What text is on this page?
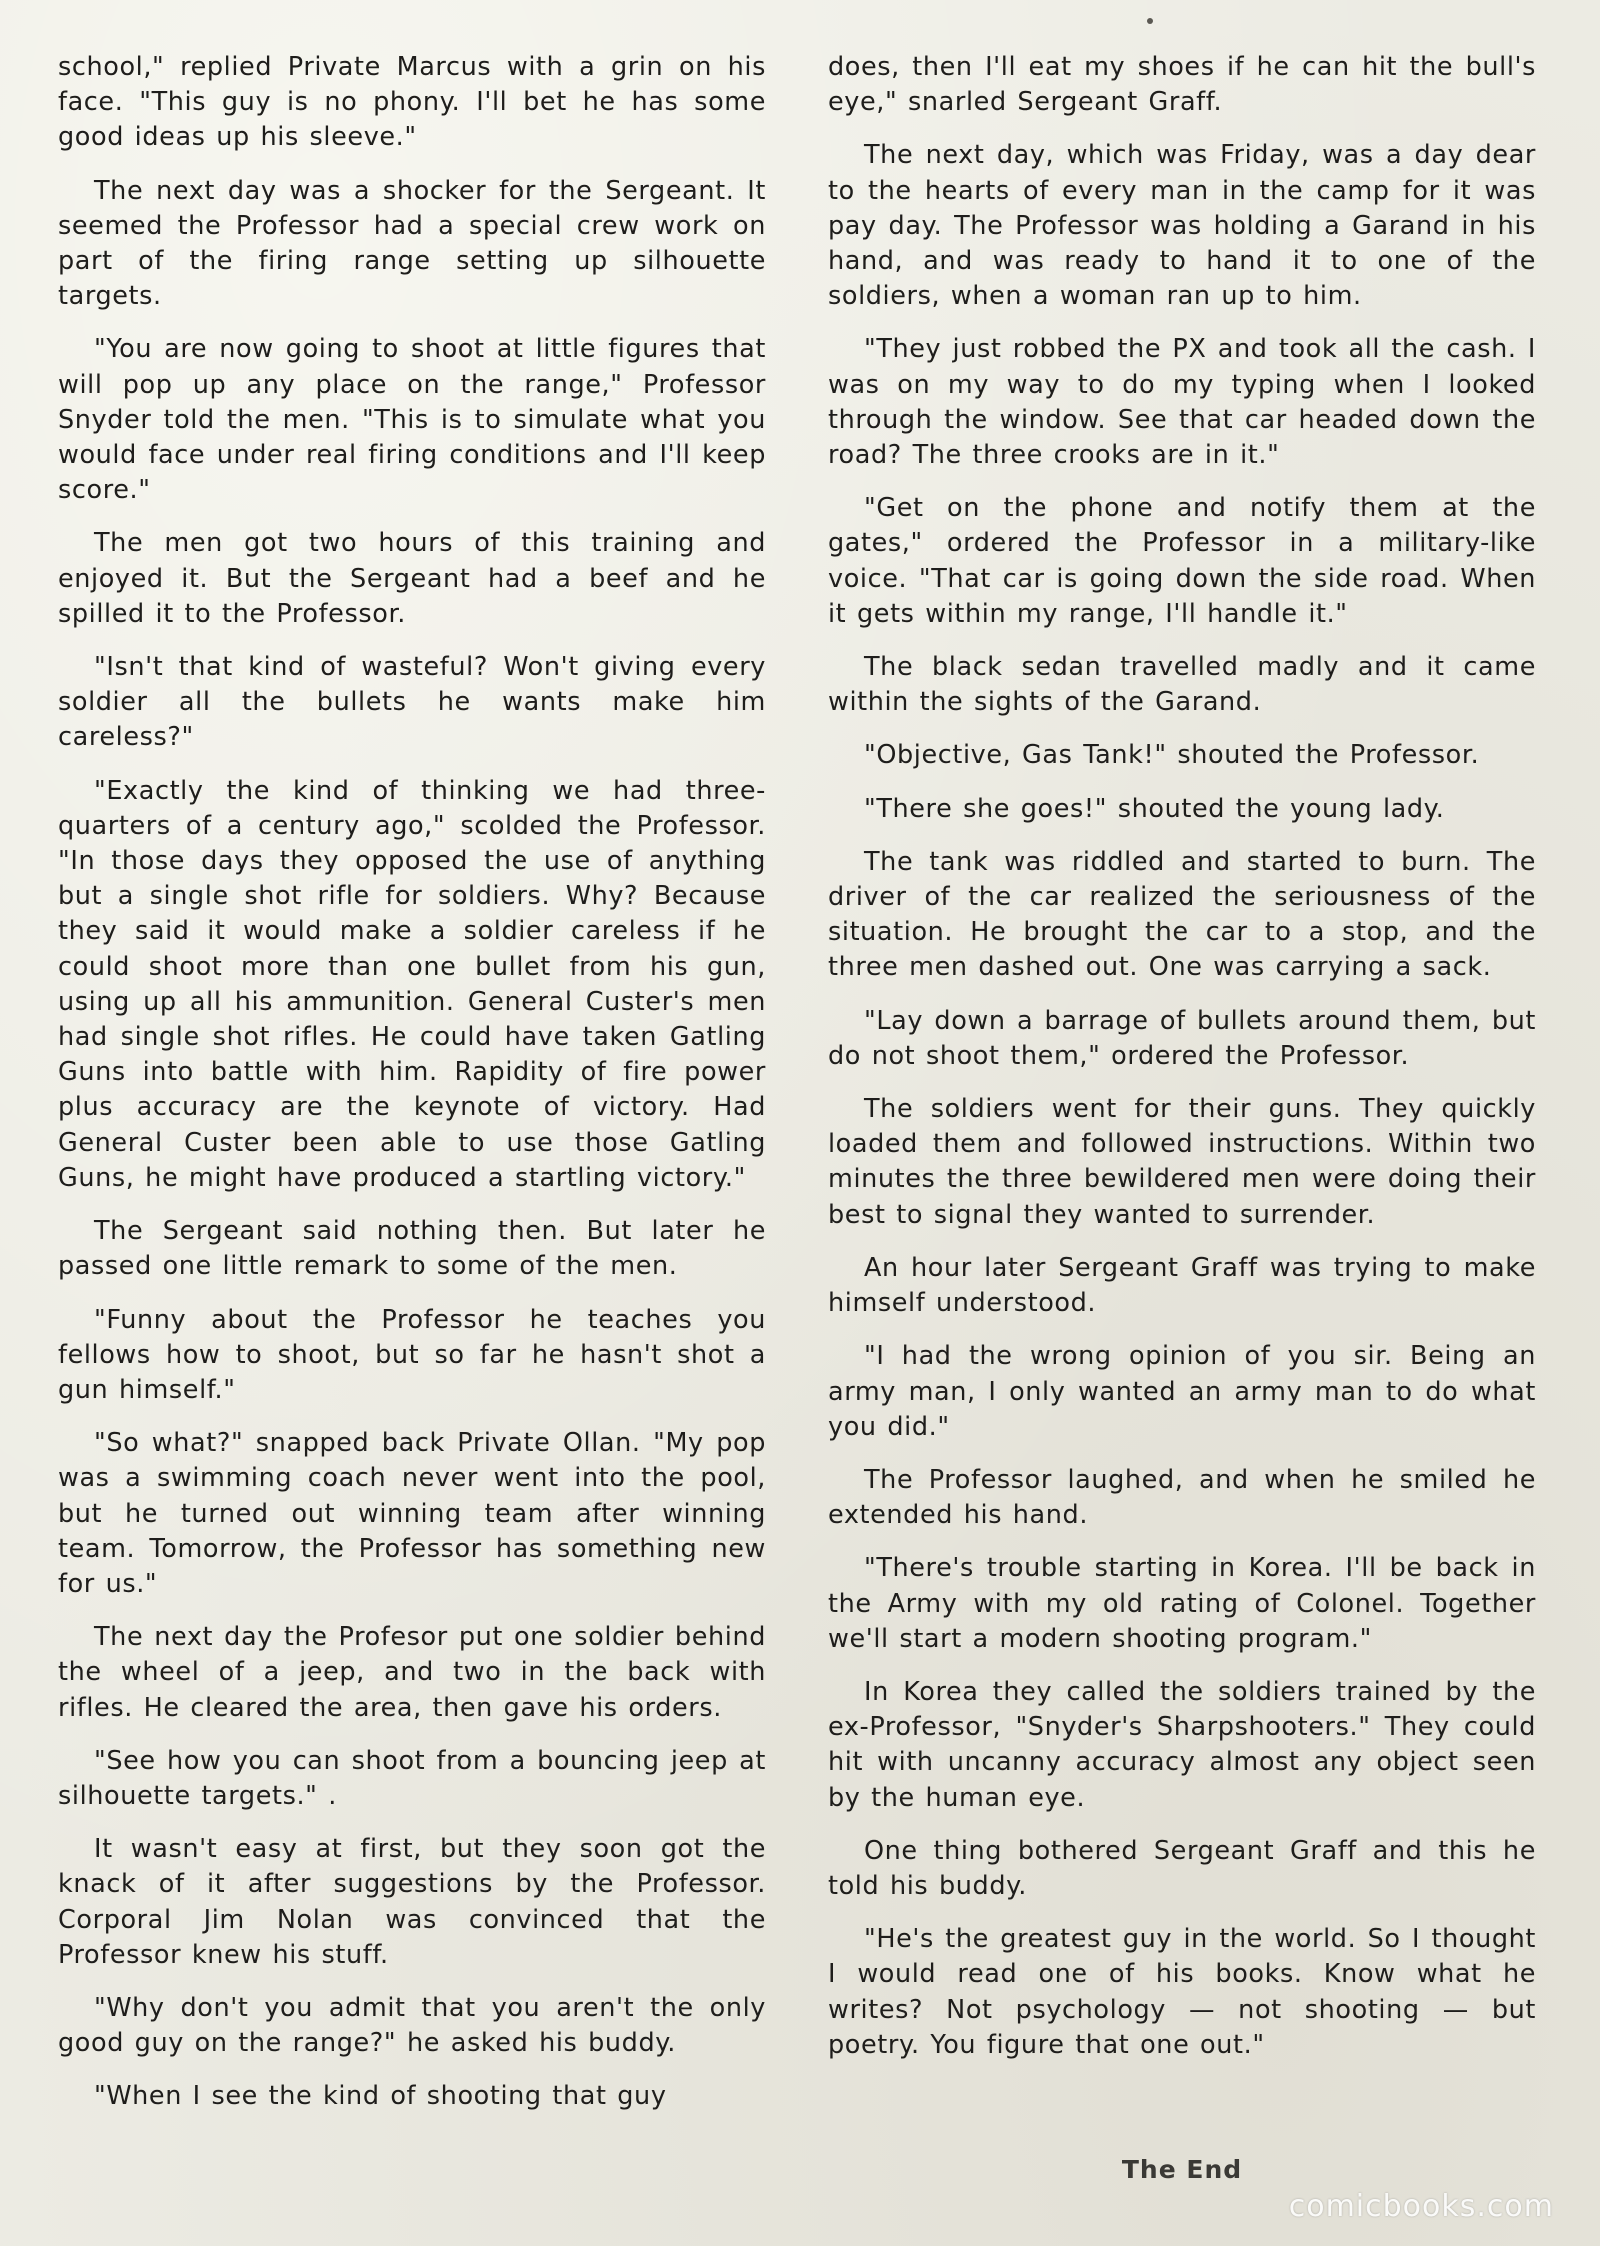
school," replied Private Marcus with a grin on his face. "This guy is no phony. I'll bet he has some good ideas up his sleeve."

The next day was a shocker for the Sergeant. It seemed the Professor had a special crew work on part of the firing range setting up silhouette targets.

"You are now going to shoot at little figures that will pop up any place on the range," Professor Snyder told the men. "This is to simulate what you would face under real firing conditions and I'll keep score."

The men got two hours of this training and enjoyed it. But the Sergeant had a beef and he spilled it to the Professor.

"Isn't that kind of wasteful? Won't giving every soldier all the bullets he wants make him careless?"

"Exactly the kind of thinking we had three-quarters of a century ago," scolded the Professor. "In those days they opposed the use of anything but a single shot rifle for soldiers. Why? Because they said it would make a soldier careless if he could shoot more than one bullet from his gun, using up all his ammunition. General Custer's men had single shot rifles. He could have taken Gatling Guns into battle with him. Rapidity of fire power plus accuracy are the keynote of victory. Had General Custer been able to use those Gatling Guns, he might have produced a startling victory."

The Sergeant said nothing then. But later he passed one little remark to some of the men.

"Funny about the Professor he teaches you fellows how to shoot, but so far he hasn't shot a gun himself."

"So what?" snapped back Private Ollan. "My pop was a swimming coach never went into the pool, but he turned out winning team after winning team. Tomorrow, the Professor has something new for us."

The next day the Profesor put one soldier behind the wheel of a jeep, and two in the back with rifles. He cleared the area, then gave his orders.

"See how you can shoot from a bouncing jeep at silhouette targets." .

It wasn't easy at first, but they soon got the knack of it after suggestions by the Professor. Corporal Jim Nolan was convinced that the Professor knew his stuff.

"Why don't you admit that you aren't the only good guy on the range?" he asked his buddy.

"When I see the kind of shooting that guy

does, then I'll eat my shoes if he can hit the bull's eye," snarled Sergeant Graff.

The next day, which was Friday, was a day dear to the hearts of every man in the camp for it was pay day. The Professor was holding a Garand in his hand, and was ready to hand it to one of the soldiers, when a woman ran up to him.

"They just robbed the PX and took all the cash. I was on my way to do my typing when I looked through the window. See that car headed down the road? The three crooks are in it."

"Get on the phone and notify them at the gates," ordered the Professor in a military-like voice. "That car is going down the side road. When it gets within my range, I'll handle it."

The black sedan travelled madly and it came within the sights of the Garand.

"Objective, Gas Tank!" shouted the Professor.

"There she goes!" shouted the young lady.

The tank was riddled and started to burn. The driver of the car realized the seriousness of the situation. He brought the car to a stop, and the three men dashed out. One was carrying a sack.

"Lay down a barrage of bullets around them, but do not shoot them," ordered the Professor.

The soldiers went for their guns. They quickly loaded them and followed instructions. Within two minutes the three bewildered men were doing their best to signal they wanted to surrender.

An hour later Sergeant Graff was trying to make himself understood.

"I had the wrong opinion of you sir. Being an army man, I only wanted an army man to do what you did."

The Professor laughed, and when he smiled he extended his hand.

"There's trouble starting in Korea. I'll be back in the Army with my old rating of Colonel. Together we'll start a modern shooting program."

In Korea they called the soldiers trained by the ex-Professor, "Snyder's Sharpshooters." They could hit with uncanny accuracy almost any object seen by the human eye.

One thing bothered Sergeant Graff and this he told his buddy.

"He's the greatest guy in the world. So I thought I would read one of his books. Know what he writes? Not psychology — not shooting — but poetry. You figure that one out."

The End
comicbooks.com
